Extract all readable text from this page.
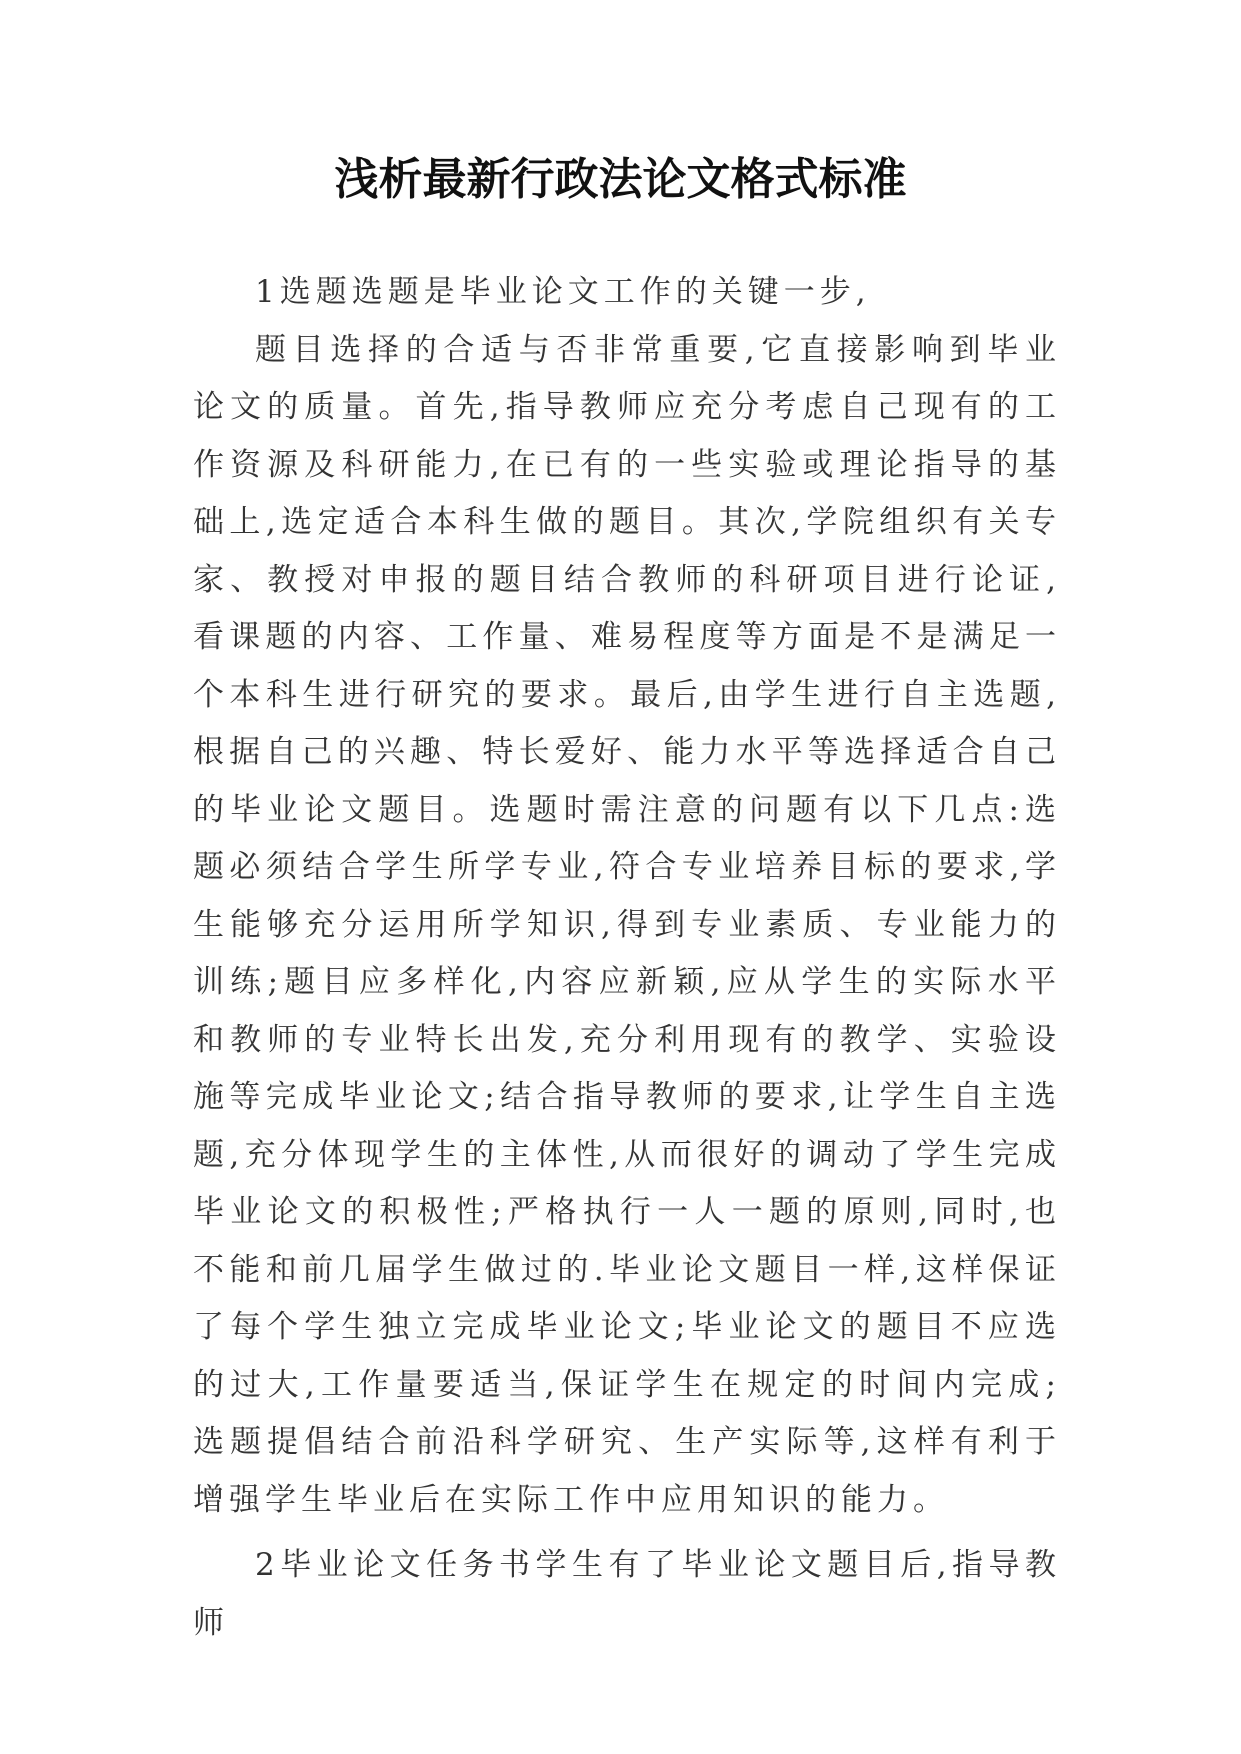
浅析最新行政法论文格式标准

1选题选题是毕业论文工作的关键一步,

题目选择的合适与否非常重要,它直接影响到毕业论文的质量。首先,指导教师应充分考虑自己现有的工作资源及科研能力,在已有的一些实验或理论指导的基础上,选定适合本科生做的题目。其次,学院组织有关专家、教授对申报的题目结合教师的科研项目进行论证,看课题的内容、工作量、难易程度等方面是不是满足一个本科生进行研究的要求。最后,由学生进行自主选题,根据自己的兴趣、特长爱好、能力水平等选择适合自己的毕业论文题目。选题时需注意的问题有以下几点:选题必须结合学生所学专业,符合专业培养目标的要求,学生能够充分运用所学知识,得到专业素质、专业能力的训练;题目应多样化,内容应新颖,应从学生的实际水平和教师的专业特长出发,充分利用现有的教学、实验设施等完成毕业论文;结合指导教师的要求,让学生自主选题,充分体现学生的主体性,从而很好的调动了学生完成毕业论文的积极性;严格执行一人一题的原则,同时,也不能和前几届学生做过的.毕业论文题目一样,这样保证了每个学生独立完成毕业论文;毕业论文的题目不应选的过大,工作量要适当,保证学生在规定的时间内完成;选题提倡结合前沿科学研究、生产实际等,这样有利于增强学生毕业后在实际工作中应用知识的能力。

2毕业论文任务书学生有了毕业论文题目后,指导教师
